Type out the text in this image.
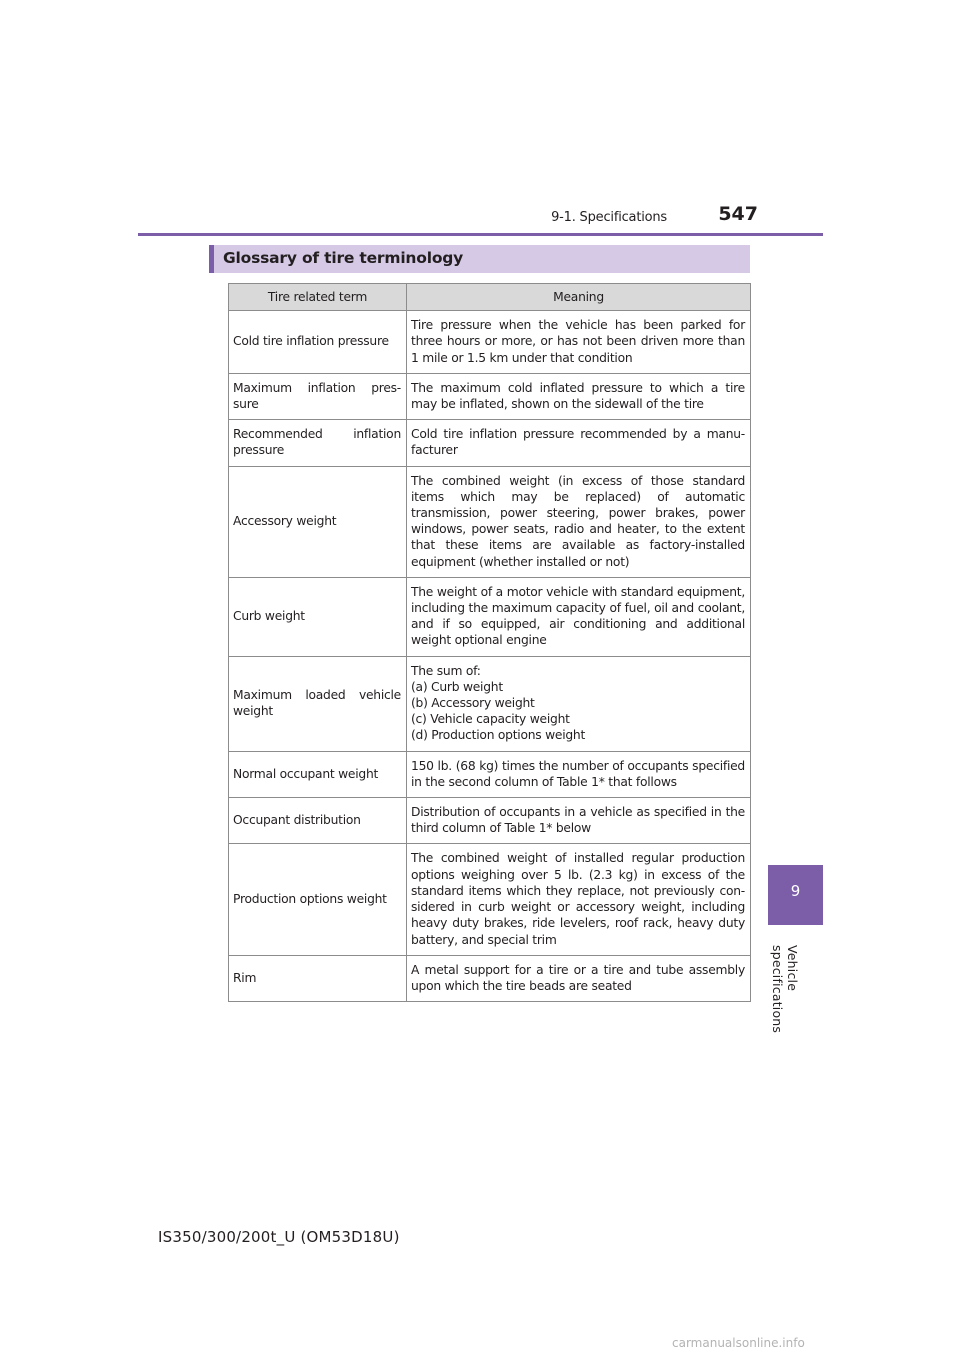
9-1. Specifications	547
9
Vehicle specifications
Glossary of tire terminology
Tire related term	Meaning
Cold tire inflation pressure	Tire pressure when the vehicle has been parked for three hours or more, or has not been driven more than 1 mile or 1.5 km under that condition
Maximum inflation pres-sure	The maximum cold inflated pressure to which a tire may be inflated, shown on the sidewall of the tire
Recommended inflation pressure	Cold tire inflation pressure recommended by a manu-facturer
Accessory weight	The combined weight (in excess of those standard items which may be replaced) of automatic transmission, power steering, power brakes, power windows, power seats, radio and heater, to the extent that these items are available as factory-installed equipment (whether installed or not)
Curb weight	The weight of a motor vehicle with standard equipment, including the maximum capacity of fuel, oil and coolant, and if so equipped, air conditioning and additional weight optional engine
Maximum loaded vehicle weight	The sum of:
(a) Curb weight
(b) Accessory weight
(c) Vehicle capacity weight
(d) Production options weight
Normal occupant weight	150 lb. (68 kg) times the number of occupants specified in the second column of Table 1* that follows
Occupant distribution	Distribution of occupants in a vehicle as specified in the third column of Table 1* below
Production options weight	The combined weight of installed regular production options weighing over 5 lb. (2.3 kg) in excess of the standard items which they replace, not previously con-sidered in curb weight or accessory weight, including heavy duty brakes, ride levelers, roof rack, heavy duty battery, and special trim
Rim	A metal support for a tire or a tire and tube assembly upon which the tire beads are seated
IS350/300/200t_U (OM53D18U)
carmanualsonline.info
